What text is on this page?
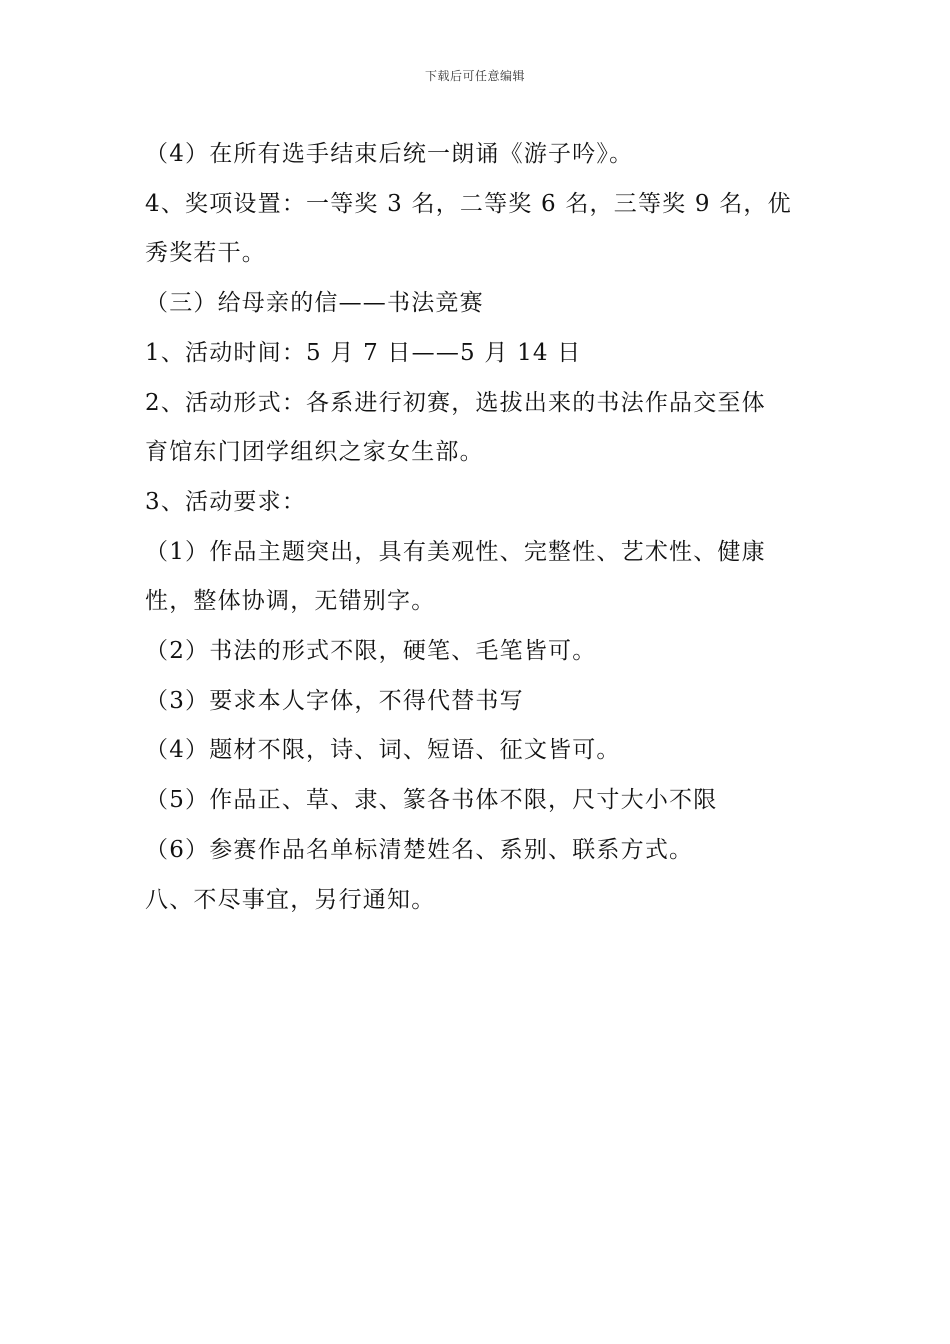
下载后可任意编辑
（4）在所有选手结束后统一朗诵《游子吟》。
4、奖项设置：一等奖 3 名，二等奖 6 名，三等奖 9 名，优
秀奖若干。
（三）给母亲的信——书法竞赛
1、活动时间：5 月 7 日——5 月 14 日
2、活动形式：各系进行初赛，选拔出来的书法作品交至体
育馆东门团学组织之家女生部。
3、活动要求：
（1）作品主题突出，具有美观性、完整性、艺术性、健康
性，整体协调，无错别字。
（2）书法的形式不限，硬笔、毛笔皆可。
（3）要求本人字体，不得代替书写
（4）题材不限，诗、词、短语、征文皆可。
（5）作品正、草、隶、篆各书体不限，尺寸大小不限
（6）参赛作品名单标清楚姓名、系别、联系方式。
八、不尽事宜，另行通知。
